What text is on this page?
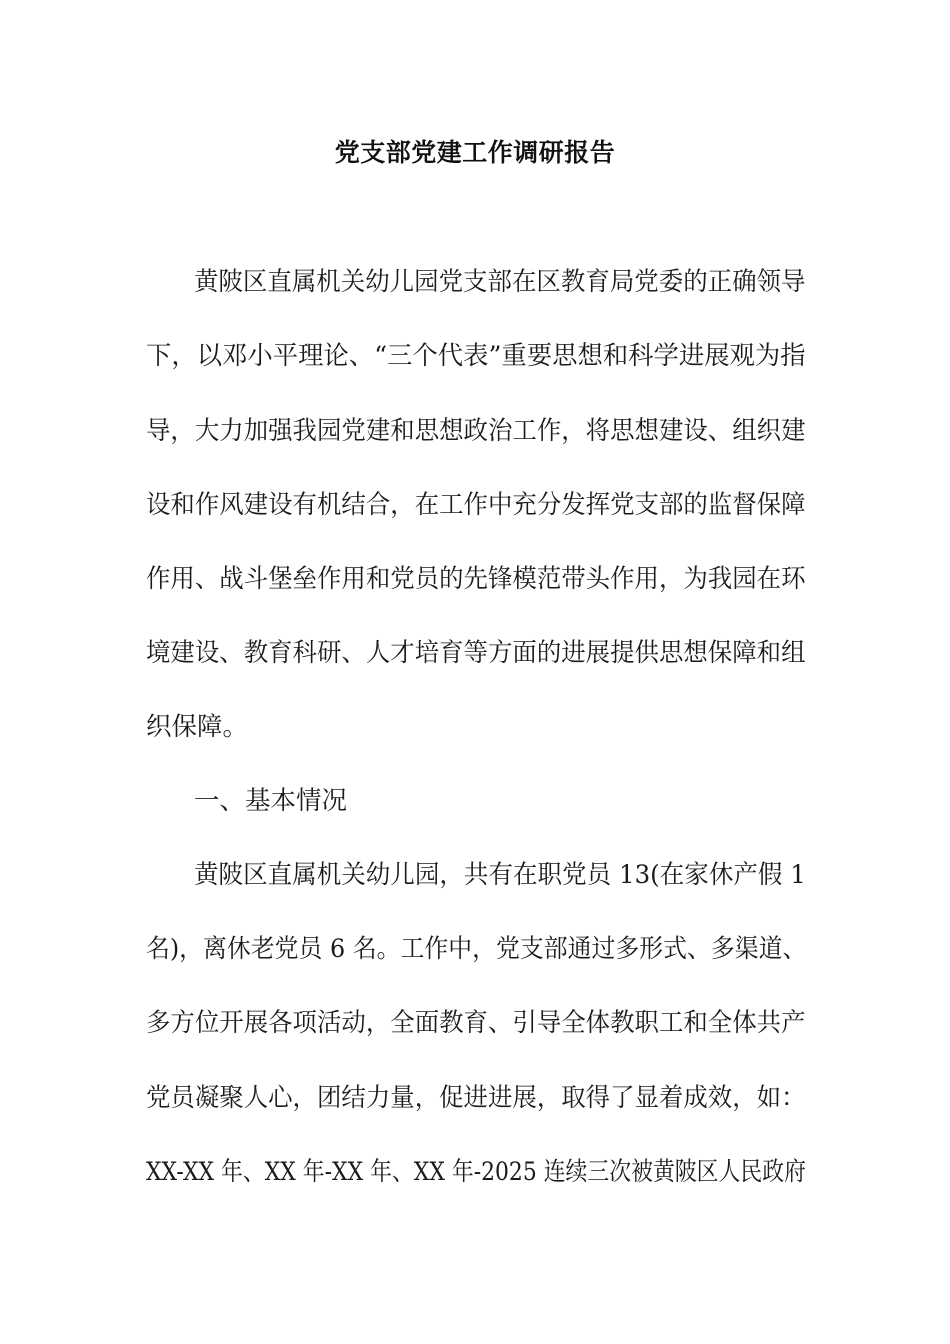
党支部党建工作调研报告
黄陂区直属机关幼儿园党支部在区教育局党委的正确领导
下，以邓小平理论、“三个代表”重要思想和科学进展观为指
导，大力加强我园党建和思想政治工作，将思想建设、组织建
设和作风建设有机结合，在工作中充分发挥党支部的监督保障
作用、战斗堡垒作用和党员的先锋模范带头作用，为我园在环
境建设、教育科研、人才培育等方面的进展提供思想保障和组
织保障。
一、基本情况
黄陂区直属机关幼儿园，共有在职党员 13(在家休产假 1
名)，离休老党员 6 名。工作中，党支部通过多形式、多渠道、
多方位开展各项活动，全面教育、引导全体教职工和全体共产
党员凝聚人心，团结力量，促进进展，取得了显着成效，如：
XX-XX 年、XX 年-XX 年、XX 年-2025 连续三次被黄陂区人民政府
